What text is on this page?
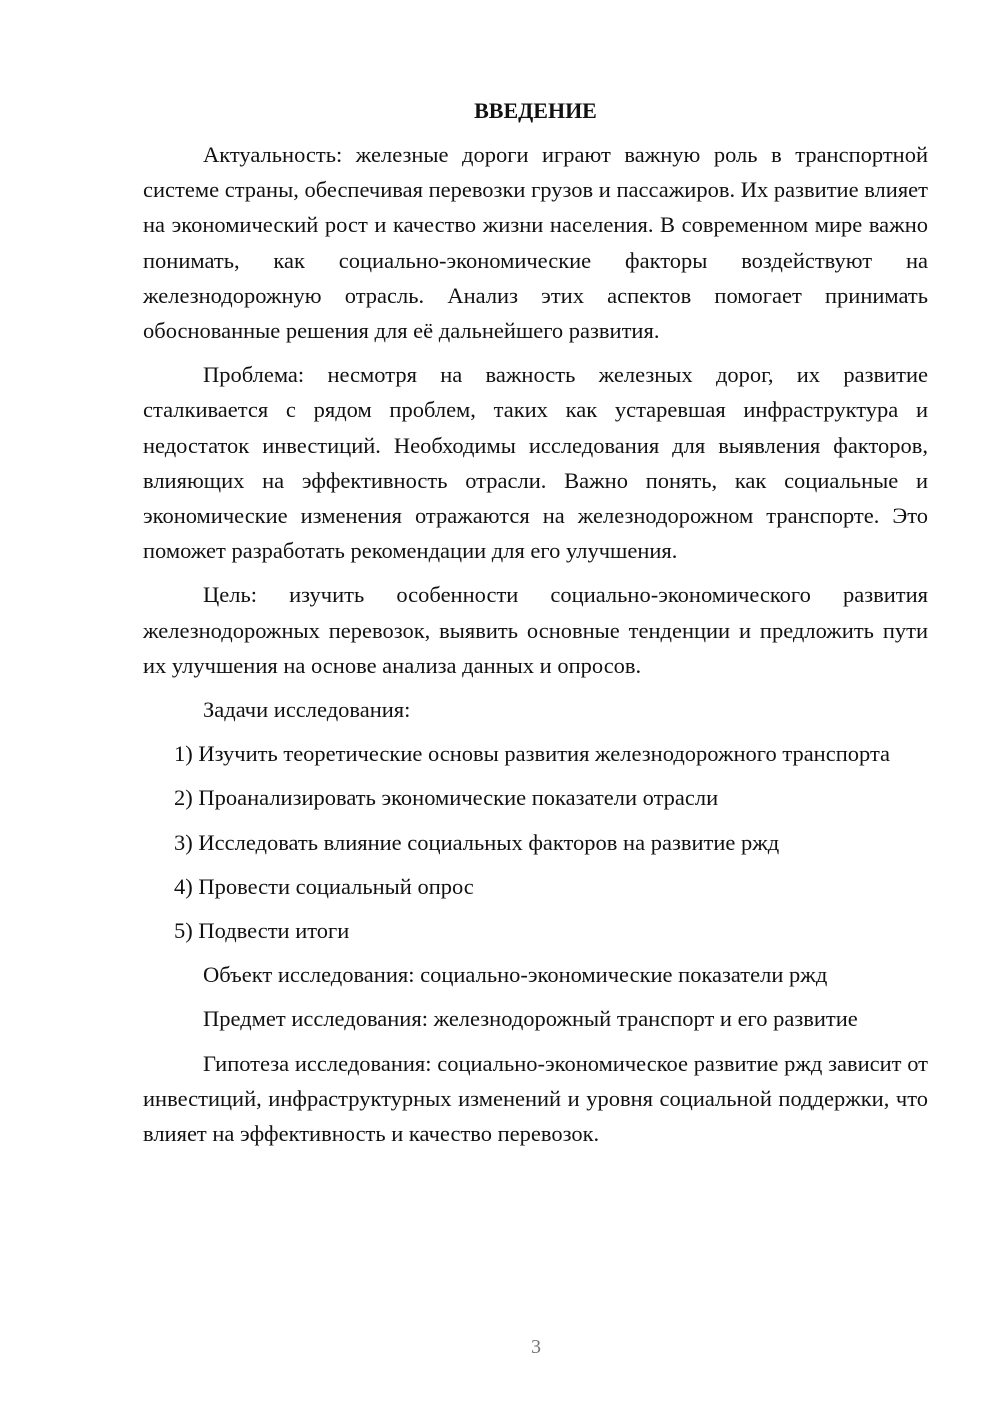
ВВЕДЕНИЕ

Актуальность: железные дороги играют важную роль в транспортной системе страны, обеспечивая перевозки грузов и пассажиров. Их развитие влияет на экономический рост и качество жизни населения. В современном мире важно понимать, как социально-экономические факторы воздействуют на железнодорожную отрасль. Анализ этих аспектов помогает принимать обоснованные решения для её дальнейшего развития.

Проблема: несмотря на важность железных дорог, их развитие сталкивается с рядом проблем, таких как устаревшая инфраструктура и недостаток инвестиций. Необходимы исследования для выявления факторов, влияющих на эффективность отрасли. Важно понять, как социальные и экономические изменения отражаются на железнодорожном транспорте. Это поможет разработать рекомендации для его улучшения.

Цель: изучить особенности социально-экономического развития железнодорожных перевозок, выявить основные тенденции и предложить пути их улучшения на основе анализа данных и опросов.

Задачи исследования:

1) Изучить теоретические основы развития железнодорожного транспорта

2) Проанализировать экономические показатели отрасли

3) Исследовать влияние социальных факторов на развитие ржд

4) Провести социальный опрос

5) Подвести итоги

Объект исследования: социально-экономические показатели ржд

Предмет исследования: железнодорожный транспорт и его развитие

Гипотеза исследования: социально-экономическое развитие ржд зависит от инвестиций, инфраструктурных изменений и уровня социальной поддержки, что влияет на эффективность и качество перевозок.

3
